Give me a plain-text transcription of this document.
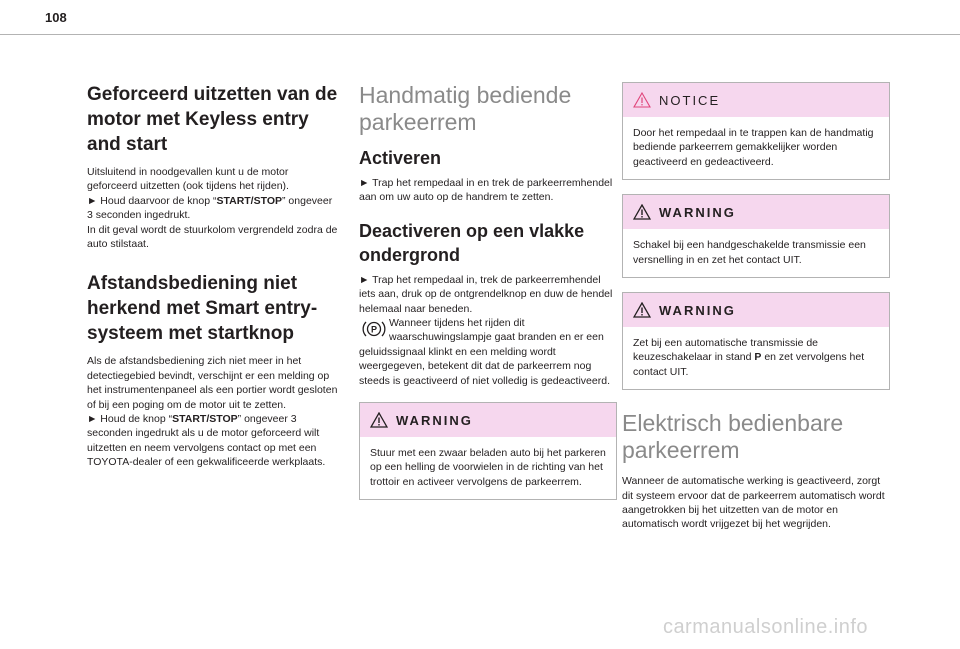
108
Geforceerd uitzetten van de motor met Keyless entry and start

Uitsluitend in noodgevallen kunt u de motor geforceerd uitzetten (ook tijdens het rijden).

► Houd daarvoor de knop “START/STOP” ongeveer 3 seconden ingedrukt.

In dit geval wordt de stuurkolom vergrendeld zodra de auto stilstaat.

Afstandsbediening niet herkend met Smart entry-systeem met startknop

Als de afstandsbediening zich niet meer in het detectiegebied bevindt, verschijnt er een melding op het instrumentenpaneel als een portier wordt gesloten of bij een poging om de motor uit te zetten.

► Houd de knop “START/STOP” ongeveer 3 seconden ingedrukt als u de motor geforceerd wilt uitzetten en neem vervolgens contact op met een TOYOTA-dealer of een gekwalificeerde werkplaats.

Handmatig bediende parkeerrem
Activeren

► Trap het rempedaal in en trek de parkeerremhendel aan om uw auto op de handrem te zetten.

Deactiveren op een vlakke ondergrond

► Trap het rempedaal in, trek de parkeerremhendel iets aan, druk op de ontgrendelknop en duw de hendel helemaal naar beneden.

P
Wanneer tijdens het rijden dit waarschuwingslampje gaat branden en er een geluidssignaal klinkt en een melding wordt weergegeven, betekent dit dat de parkeerrem nog steeds is geactiveerd of niet volledig is gedeactiveerd.

WARNING
Stuur met een zwaar beladen auto bij het parkeren op een helling de voorwielen in de richting van het trottoir en activeer vervolgens de parkeerrem.
NOTICE
Door het rempedaal in te trappen kan de handmatig bediende parkeerrem gemakkelijker worden geactiveerd en gedeactiveerd.
WARNING
Schakel bij een handgeschakelde transmissie een versnelling in en zet het contact UIT.
WARNING
Zet bij een automatische transmissie de keuzeschakelaar in stand P en zet vervolgens het contact UIT.
Elektrisch bedienbare parkeerrem

Wanneer de automatische werking is geactiveerd, zorgt dit systeem ervoor dat de parkeerrem automatisch wordt aangetrokken bij het uitzetten van de motor en automatisch wordt vrijgezet bij het wegrijden.

carmanualsonline.info
